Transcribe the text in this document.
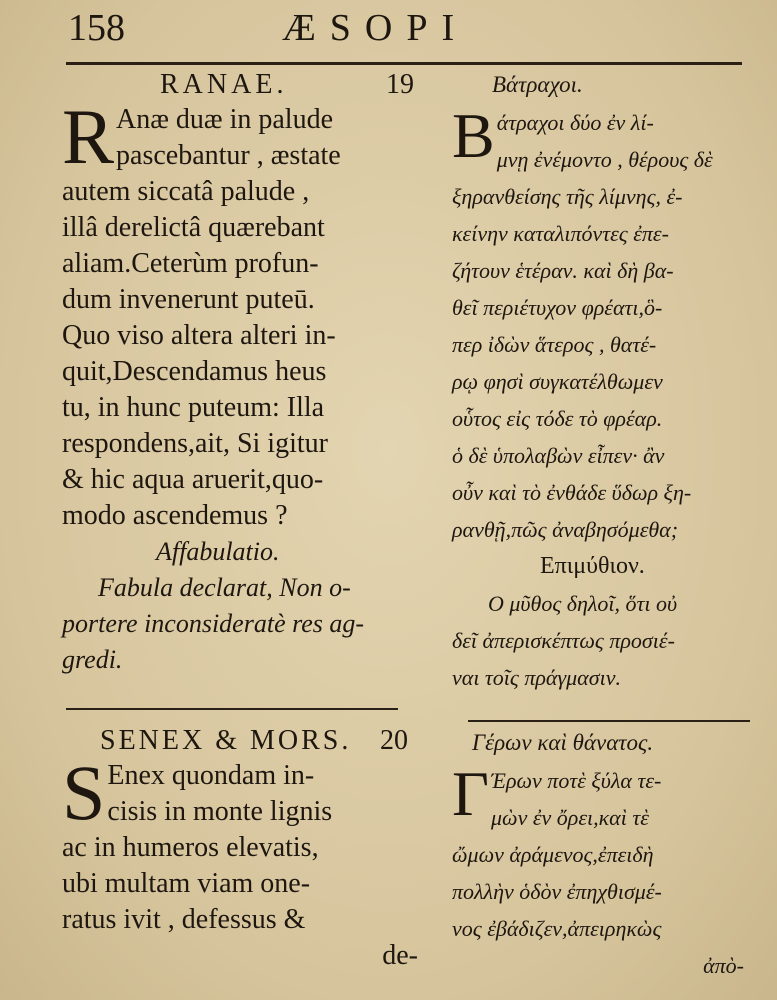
158	ÆSOPI
RANAE.	19
R Anæ duæ in palude
pascebantur , æstate
autem siccatâ palude ,
illâ derelictâ quærebant
aliam.Ceterùm profun-
dum invenerunt puteū.
Quo viso altera alteri in-
quit,Descendamus heus
tu, in hunc puteum: Illa
respondens,ait, Si igitur
& hic aqua aruerit,quo-
modo ascendemus ?
Affabulatio.
Fabula declarat, Non o-
portere inconsideratè res ag-
gredi.
SENEX & MORS. 20
S Enex quondam in-
cisis in monte lignis
ac in humeros elevatis,
ubi multam viam one-
ratus ivit , defessus &
de-
Βάτραχοι.
Β άτραχοι δύο ἐν λί-
μνῃ ἐνέμοντο , θέρους δὲ
ξηρανθείσης τῆς λίμνης, ἐ-
κείνην καταλιπόντες ἐπε-
ζήτουν ἑτέραν. καὶ δὴ βα-
θεῖ περιέτυχον φρέατι,ὃ-
περ ἰδὼν ἅτερος , θατέ-
ρῳ φησὶ συγκατέλθωμεν
οὗτος εἰς τόδε τὸ φρέαρ.
ὁ δὲ ὑπολαβὼν εἶπεν· ἂν
οὖν καὶ τὸ ἐνθάδε ὕδωρ ξη-
ρανθῇ,πῶς ἀναβησόμεθα;
Επιμύθιον.
Ο μῦθος δηλοῖ, ὅτι οὐ
δεῖ ἀπερισκέπτως προσιέ-
ναι τοῖς πράγμασιν.
Γέρων καὶ θάνατος.
Γ Έρων ποτὲ ξύλα τε-
μὼν ἐν ὄρει,καὶ τὲ
ὤμων ἀράμενος,ἐπειδὴ
πολλὴν ὁδὸν ἐπηχθισμέ-
νος ἐβάδιζεν,ἀπειρηκὼς
ἀπὸ-
